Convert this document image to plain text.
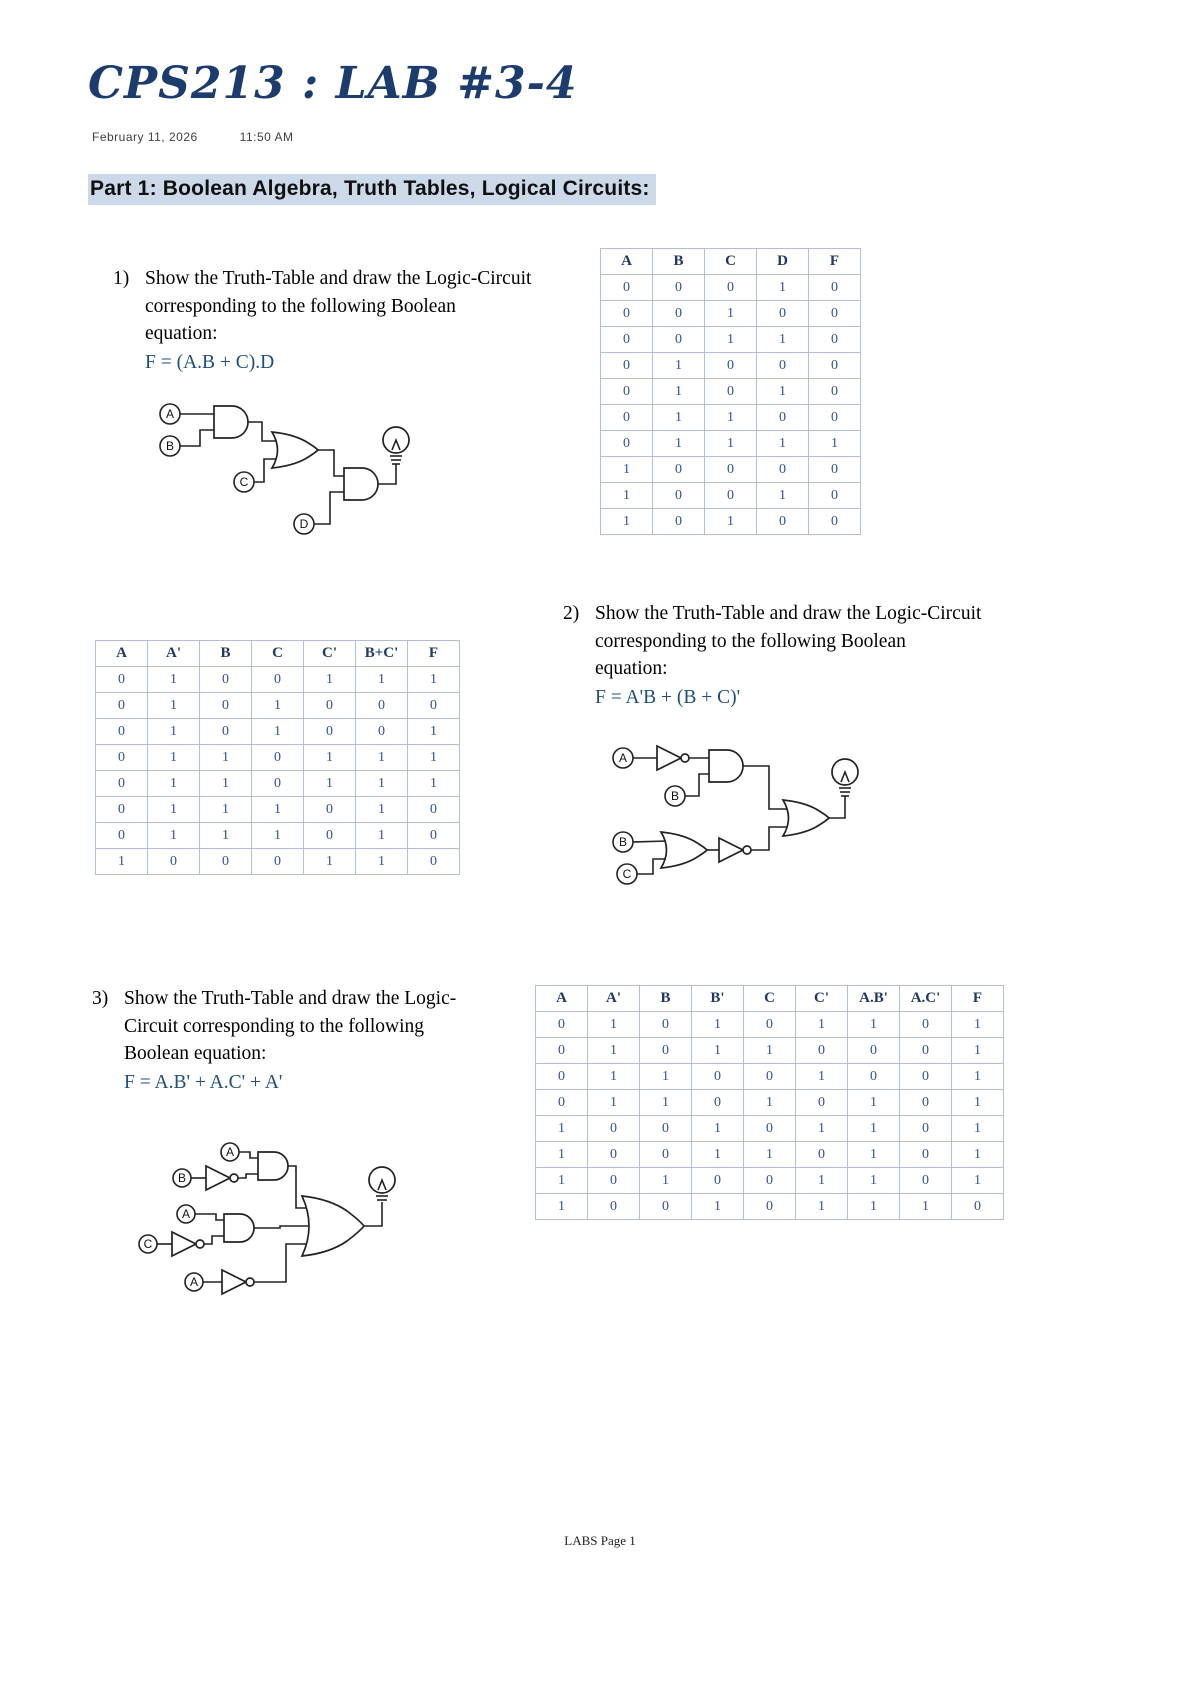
CPS213 : LAB #3-4
February 11, 2026	11:50 AM
Part 1: Boolean Algebra, Truth Tables, Logical Circuits:
1) Show the Truth-Table and draw the Logic-Circuit corresponding to the following Boolean equation:
F = (A.B + C).D
A
B
C
D
A	B	C	D	F
0	0	0	1	0
0	0	1	0	0
0	0	1	1	0
0	1	0	0	0
0	1	0	1	0
0	1	1	0	0
0	1	1	1	1
1	0	0	0	0
1	0	0	1	0
1	0	1	0	0
2) Show the Truth-Table and draw the Logic-Circuit corresponding to the following Boolean equation:
F = A'B + (B + C)'
A
B
B
C
A	A'	B	C	C'	B+C'	F
0	1	0	0	1	1	1
0	1	0	1	0	0	0
0	1	0	1	0	0	1
0	1	1	0	1	1	1
0	1	1	0	1	1	1
0	1	1	1	0	1	0
0	1	1	1	0	1	0
1	0	0	0	1	1	0
3) Show the Truth-Table and draw the Logic-Circuit corresponding to the following Boolean equation:
F = A.B' + A.C' + A'
A
B
A
C
A
A	A'	B	B'	C	C'	A.B'	A.C'	F
0	1	0	1	0	1	1	0	1
0	1	0	1	1	0	0	0	1
0	1	1	0	0	1	0	0	1
0	1	1	0	1	0	1	0	1
1	0	0	1	0	1	1	0	1
1	0	0	1	1	0	1	0	1
1	0	1	0	0	1	1	0	1
1	0	0	1	0	1	1	1	0
LABS Page 1
